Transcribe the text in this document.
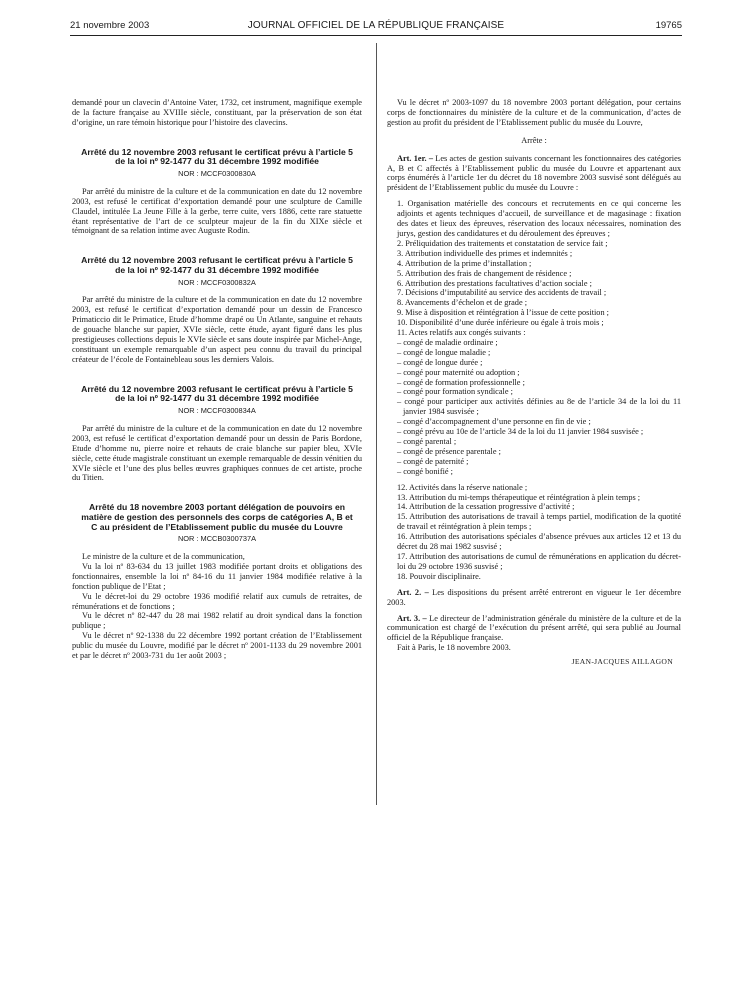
21 novembre 2003	JOURNAL OFFICIEL DE LA RÉPUBLIQUE FRANÇAISE	19765

demandé pour un clavecin d’Antoine Vater, 1732, cet instrument, magnifique exemple de la facture française au XVIIIe siècle, constituant, par la préservation de son état d’origine, un rare témoin historique pour l’histoire des clavecins.

Arrêté du 12 novembre 2003 refusant le certificat prévu à l’article 5 de la loi nº 92-1477 du 31 décembre 1992 modifiée
NOR : MCCF0300830A

Par arrêté du ministre de la culture et de la communication en date du 12 novembre 2003, est refusé le certificat d’exportation demandé pour une sculpture de Camille Claudel, intitulée La Jeune Fille à la gerbe, terre cuite, vers 1886, cette rare statuette étant représentative de l’art de ce sculpteur majeur de la fin du XIXe siècle et témoignant de sa relation intime avec Auguste Rodin.

Arrêté du 12 novembre 2003 refusant le certificat prévu à l’article 5 de la loi nº 92-1477 du 31 décembre 1992 modifiée
NOR : MCCF0300832A

Par arrêté du ministre de la culture et de la communication en date du 12 novembre 2003, est refusé le certificat d’exportation demandé pour un dessin de Francesco Primaticcio dit le Primatice, Etude d’homme drapé ou Un Atlante, sanguine et rehauts de gouache blanche sur papier, XVIe siècle, cette étude, ayant figuré dans les plus prestigieuses collections depuis le XVIe siècle et sans doute inspirée par Michel-Ange, constituant un exemple remarquable d’un aspect peu connu du travail du principal créateur de l’école de Fontainebleau sous les derniers Valois.

Arrêté du 12 novembre 2003 refusant le certificat prévu à l’article 5 de la loi nº 92-1477 du 31 décembre 1992 modifiée
NOR : MCCF0300834A

Par arrêté du ministre de la culture et de la communication en date du 12 novembre 2003, est refusé le certificat d’exportation demandé pour un dessin de Paris Bordone, Etude d’homme nu, pierre noire et rehauts de craie blanche sur papier bleu, XVIe siècle, cette étude magistrale constituant un exemple remarquable de dessin vénitien du XVIe siècle et l’une des plus belles œuvres graphiques connues de cet artiste, proche du Titien.

Arrêté du 18 novembre 2003 portant délégation de pouvoirs en matière de gestion des personnels des corps de catégories A, B et C au président de l’Etablissement public du musée du Louvre
NOR : MCCB0300737A

Le ministre de la culture et de la communication,

Vu la loi nº 83-634 du 13 juillet 1983 modifiée portant droits et obligations des fonctionnaires, ensemble la loi nº 84-16 du 11 janvier 1984 modifiée relative à la fonction publique de l’Etat ;

Vu le décret-loi du 29 octobre 1936 modifié relatif aux cumuls de retraites, de rémunérations et de fonctions ;

Vu le décret nº 82-447 du 28 mai 1982 relatif au droit syndical dans la fonction publique ;

Vu le décret nº 92-1338 du 22 décembre 1992 portant création de l’Etablissement public du musée du Louvre, modifié par le décret nº 2001-1133 du 29 novembre 2001 et par le décret nº 2003-731 du 1er août 2003 ;

Vu le décret nº 2003-1097 du 18 novembre 2003 portant délégation, pour certains corps de fonctionnaires du ministère de la culture et de la communication, d’actes de gestion au profit du président de l’Etablissement public du musée du Louvre,

Arrête :

Art. 1er. – Les actes de gestion suivants concernant les fonctionnaires des catégories A, B et C affectés à l’Etablissement public du musée du Louvre et appartenant aux corps énumérés à l’article 1er du décret du 18 novembre 2003 susvisé sont délégués au président de l’Etablissement public du musée du Louvre :

1. Organisation matérielle des concours et recrutements en ce qui concerne les adjoints et agents techniques d’accueil, de surveillance et de magasinage : fixation des dates et lieux des épreuves, réservation des locaux nécessaires, nomination des jurys, gestion des candidatures et du déroulement des épreuves ;

2. Préliquidation des traitements et constatation de service fait ;

3. Attribution individuelle des primes et indemnités ;

4. Attribution de la prime d’installation ;

5. Attribution des frais de changement de résidence ;

6. Attribution des prestations facultatives d’action sociale ;

7. Décisions d’imputabilité au service des accidents de travail ;

8. Avancements d’échelon et de grade ;

9. Mise à disposition et réintégration à l’issue de cette position ;

10. Disponibilité d’une durée inférieure ou égale à trois mois ;

11. Actes relatifs aux congés suivants :

– congé de maladie ordinaire ;

– congé de longue maladie ;

– congé de longue durée ;

– congé pour maternité ou adoption ;

– congé de formation professionnelle ;

– congé pour formation syndicale ;

– congé pour participer aux activités définies au 8e de l’article 34 de la loi du 11 janvier 1984 susvisée ;

– congé d’accompagnement d’une personne en fin de vie ;

– congé prévu au 10e de l’article 34 de la loi du 11 janvier 1984 susvisée ;

– congé parental ;

– congé de présence parentale ;

– congé de paternité ;

– congé bonifié ;

12. Activités dans la réserve nationale ;

13. Attribution du mi-temps thérapeutique et réintégration à plein temps ;

14. Attribution de la cessation progressive d’activité ;

15. Attribution des autorisations de travail à temps partiel, modification de la quotité de travail et réintégration à plein temps ;

16. Attribution des autorisations spéciales d’absence prévues aux articles 12 et 13 du décret du 28 mai 1982 susvisé ;

17. Attribution des autorisations de cumul de rémunérations en application du décret-loi du 29 octobre 1936 susvisé ;

18. Pouvoir disciplinaire.

Art. 2. – Les dispositions du présent arrêté entreront en vigueur le 1er décembre 2003.

Art. 3. – Le directeur de l’administration générale du ministère de la culture et de la communication est chargé de l’exécution du présent arrêté, qui sera publié au Journal officiel de la République française.

Fait à Paris, le 18 novembre 2003.

JEAN-JACQUES AILLAGON
